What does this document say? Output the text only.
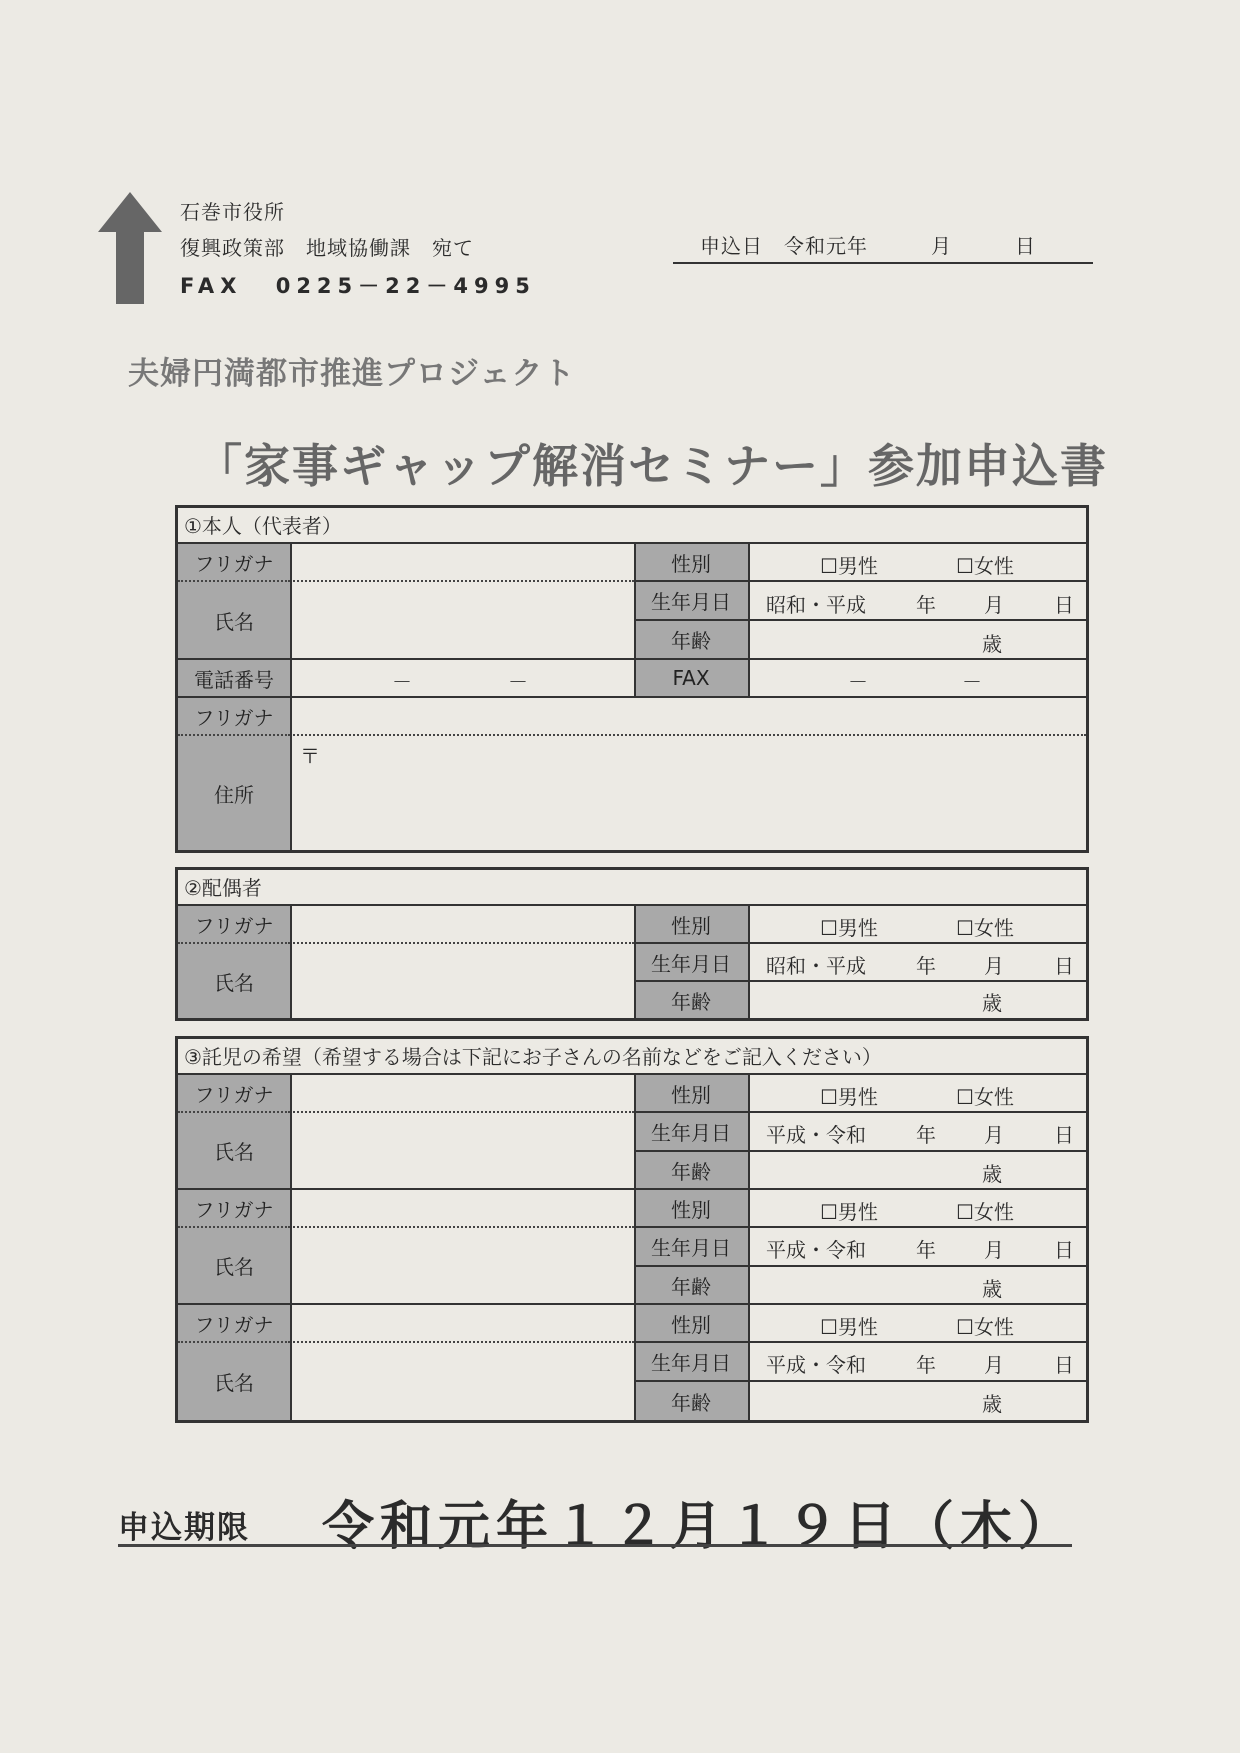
石巻市役所
復興政策部　地域協働課　宛て
FAX 0225－22－4995
申込日　令和元年　　　月　　　日
夫婦円満都市推進プロジェクト
「家事ギャップ解消セミナー」参加申込書
①本人（代表者）
フリガナ	性別	☐男性	☐女性
氏名
生年月日	昭和・平成	年 月	日
年齢	歳
電話番号	－	－	FAX	－	－
フリガナ
住所
〒
②配偶者
フリガナ	性別	☐男性	☐女性
氏名
生年月日	昭和・平成	年 月	日
年齢	歳
③託児の希望（希望する場合は下記にお子さんの名前などをご記入ください）
フリガナ	性別	☐男性	☐女性
氏名
生年月日	平成・令和	年 月	日
年齢	歳
フリガナ	性別	☐男性	☐女性
氏名
生年月日	平成・令和	年 月	日
年齢	歳
フリガナ	性別	☐男性	☐女性
氏名
生年月日	平成・令和	年 月	日
年齢	歳
申込期限 令和元年１２月１９日（木）
